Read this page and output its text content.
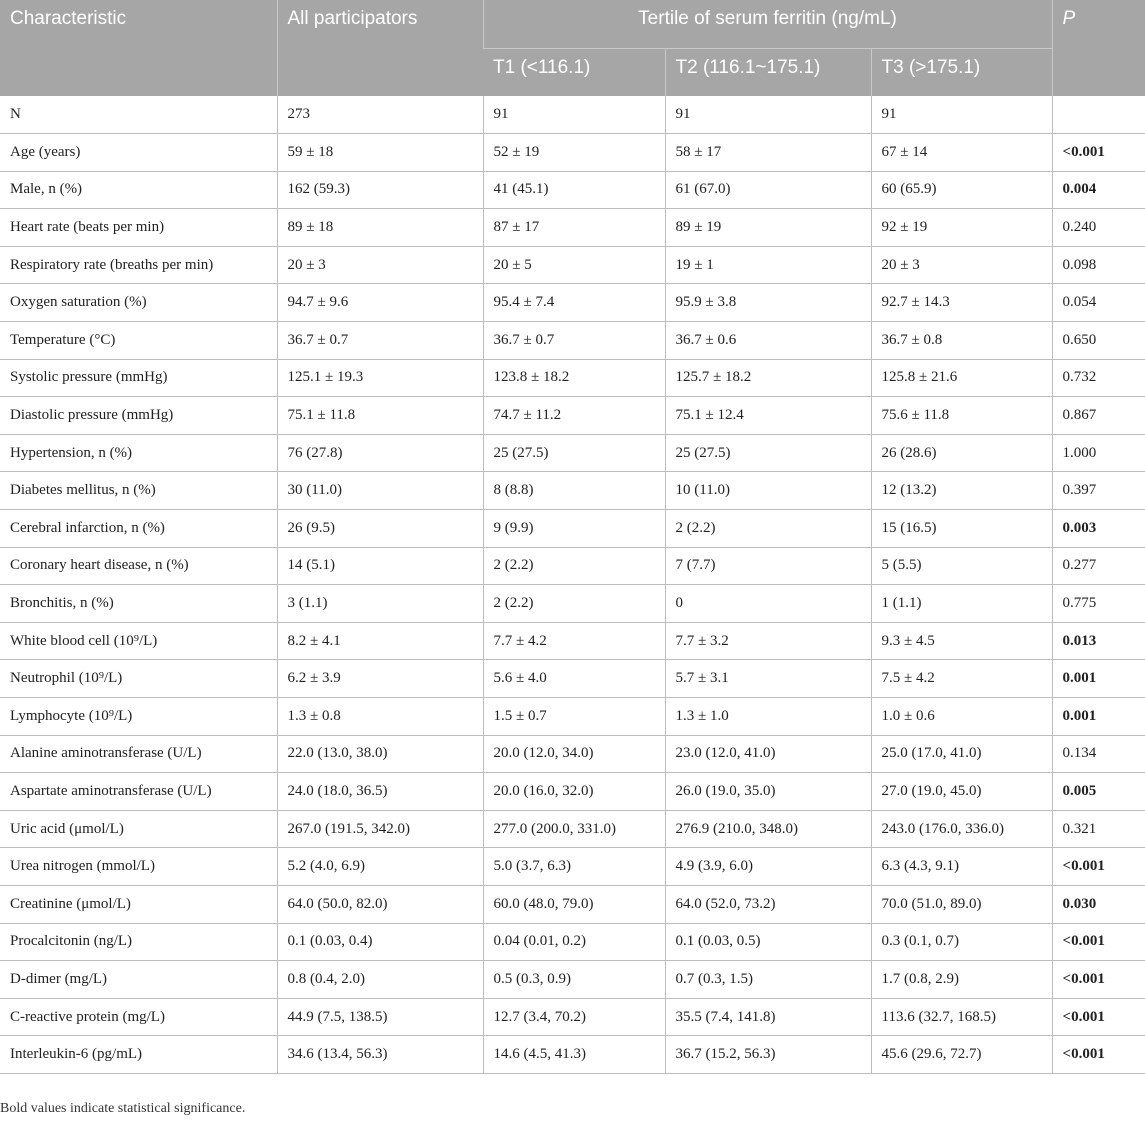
Characteristic	All participators	Tertile of serum ferritin (ng/mL)			P
		T1 (<116.1)	T2 (116.1~175.1)	T3 (>175.1)	
N	273	91	91	91	
Age (years)	59 ± 18	52 ± 19	58 ± 17	67 ± 14	<0.001
Male, n (%)	162 (59.3)	41 (45.1)	61 (67.0)	60 (65.9)	0.004
Heart rate (beats per min)	89 ± 18	87 ± 17	89 ± 19	92 ± 19	0.240
Respiratory rate (breaths per min)	20 ± 3	20 ± 5	19 ± 1	20 ± 3	0.098
Oxygen saturation (%)	94.7 ± 9.6	95.4 ± 7.4	95.9 ± 3.8	92.7 ± 14.3	0.054
Temperature (°C)	36.7 ± 0.7	36.7 ± 0.7	36.7 ± 0.6	36.7 ± 0.8	0.650
Systolic pressure (mmHg)	125.1 ± 19.3	123.8 ± 18.2	125.7 ± 18.2	125.8 ± 21.6	0.732
Diastolic pressure (mmHg)	75.1 ± 11.8	74.7 ± 11.2	75.1 ± 12.4	75.6 ± 11.8	0.867
Hypertension, n (%)	76 (27.8)	25 (27.5)	25 (27.5)	26 (28.6)	1.000
Diabetes mellitus, n (%)	30 (11.0)	8 (8.8)	10 (11.0)	12 (13.2)	0.397
Cerebral infarction, n (%)	26 (9.5)	9 (9.9)	2 (2.2)	15 (16.5)	0.003
Coronary heart disease, n (%)	14 (5.1)	2 (2.2)	7 (7.7)	5 (5.5)	0.277
Bronchitis, n (%)	3 (1.1)	2 (2.2)	0	1 (1.1)	0.775
White blood cell (10⁹/L)	8.2 ± 4.1	7.7 ± 4.2	7.7 ± 3.2	9.3 ± 4.5	0.013
Neutrophil (10⁹/L)	6.2 ± 3.9	5.6 ± 4.0	5.7 ± 3.1	7.5 ± 4.2	0.001
Lymphocyte (10⁹/L)	1.3 ± 0.8	1.5 ± 0.7	1.3 ± 1.0	1.0 ± 0.6	0.001
Alanine aminotransferase (U/L)	22.0 (13.0, 38.0)	20.0 (12.0, 34.0)	23.0 (12.0, 41.0)	25.0 (17.0, 41.0)	0.134
Aspartate aminotransferase (U/L)	24.0 (18.0, 36.5)	20.0 (16.0, 32.0)	26.0 (19.0, 35.0)	27.0 (19.0, 45.0)	0.005
Uric acid (μmol/L)	267.0 (191.5, 342.0)	277.0 (200.0, 331.0)	276.9 (210.0, 348.0)	243.0 (176.0, 336.0)	0.321
Urea nitrogen (mmol/L)	5.2 (4.0, 6.9)	5.0 (3.7, 6.3)	4.9 (3.9, 6.0)	6.3 (4.3, 9.1)	<0.001
Creatinine (μmol/L)	64.0 (50.0, 82.0)	60.0 (48.0, 79.0)	64.0 (52.0, 73.2)	70.0 (51.0, 89.0)	0.030
Procalcitonin (ng/L)	0.1 (0.03, 0.4)	0.04 (0.01, 0.2)	0.1 (0.03, 0.5)	0.3 (0.1, 0.7)	<0.001
D-dimer (mg/L)	0.8 (0.4, 2.0)	0.5 (0.3, 0.9)	0.7 (0.3, 1.5)	1.7 (0.8, 2.9)	<0.001
C-reactive protein (mg/L)	44.9 (7.5, 138.5)	12.7 (3.4, 70.2)	35.5 (7.4, 141.8)	113.6 (32.7, 168.5)	<0.001
Interleukin-6 (pg/mL)	34.6 (13.4, 56.3)	14.6 (4.5, 41.3)	36.7 (15.2, 56.3)	45.6 (29.6, 72.7)	<0.001
Bold values indicate statistical significance.
